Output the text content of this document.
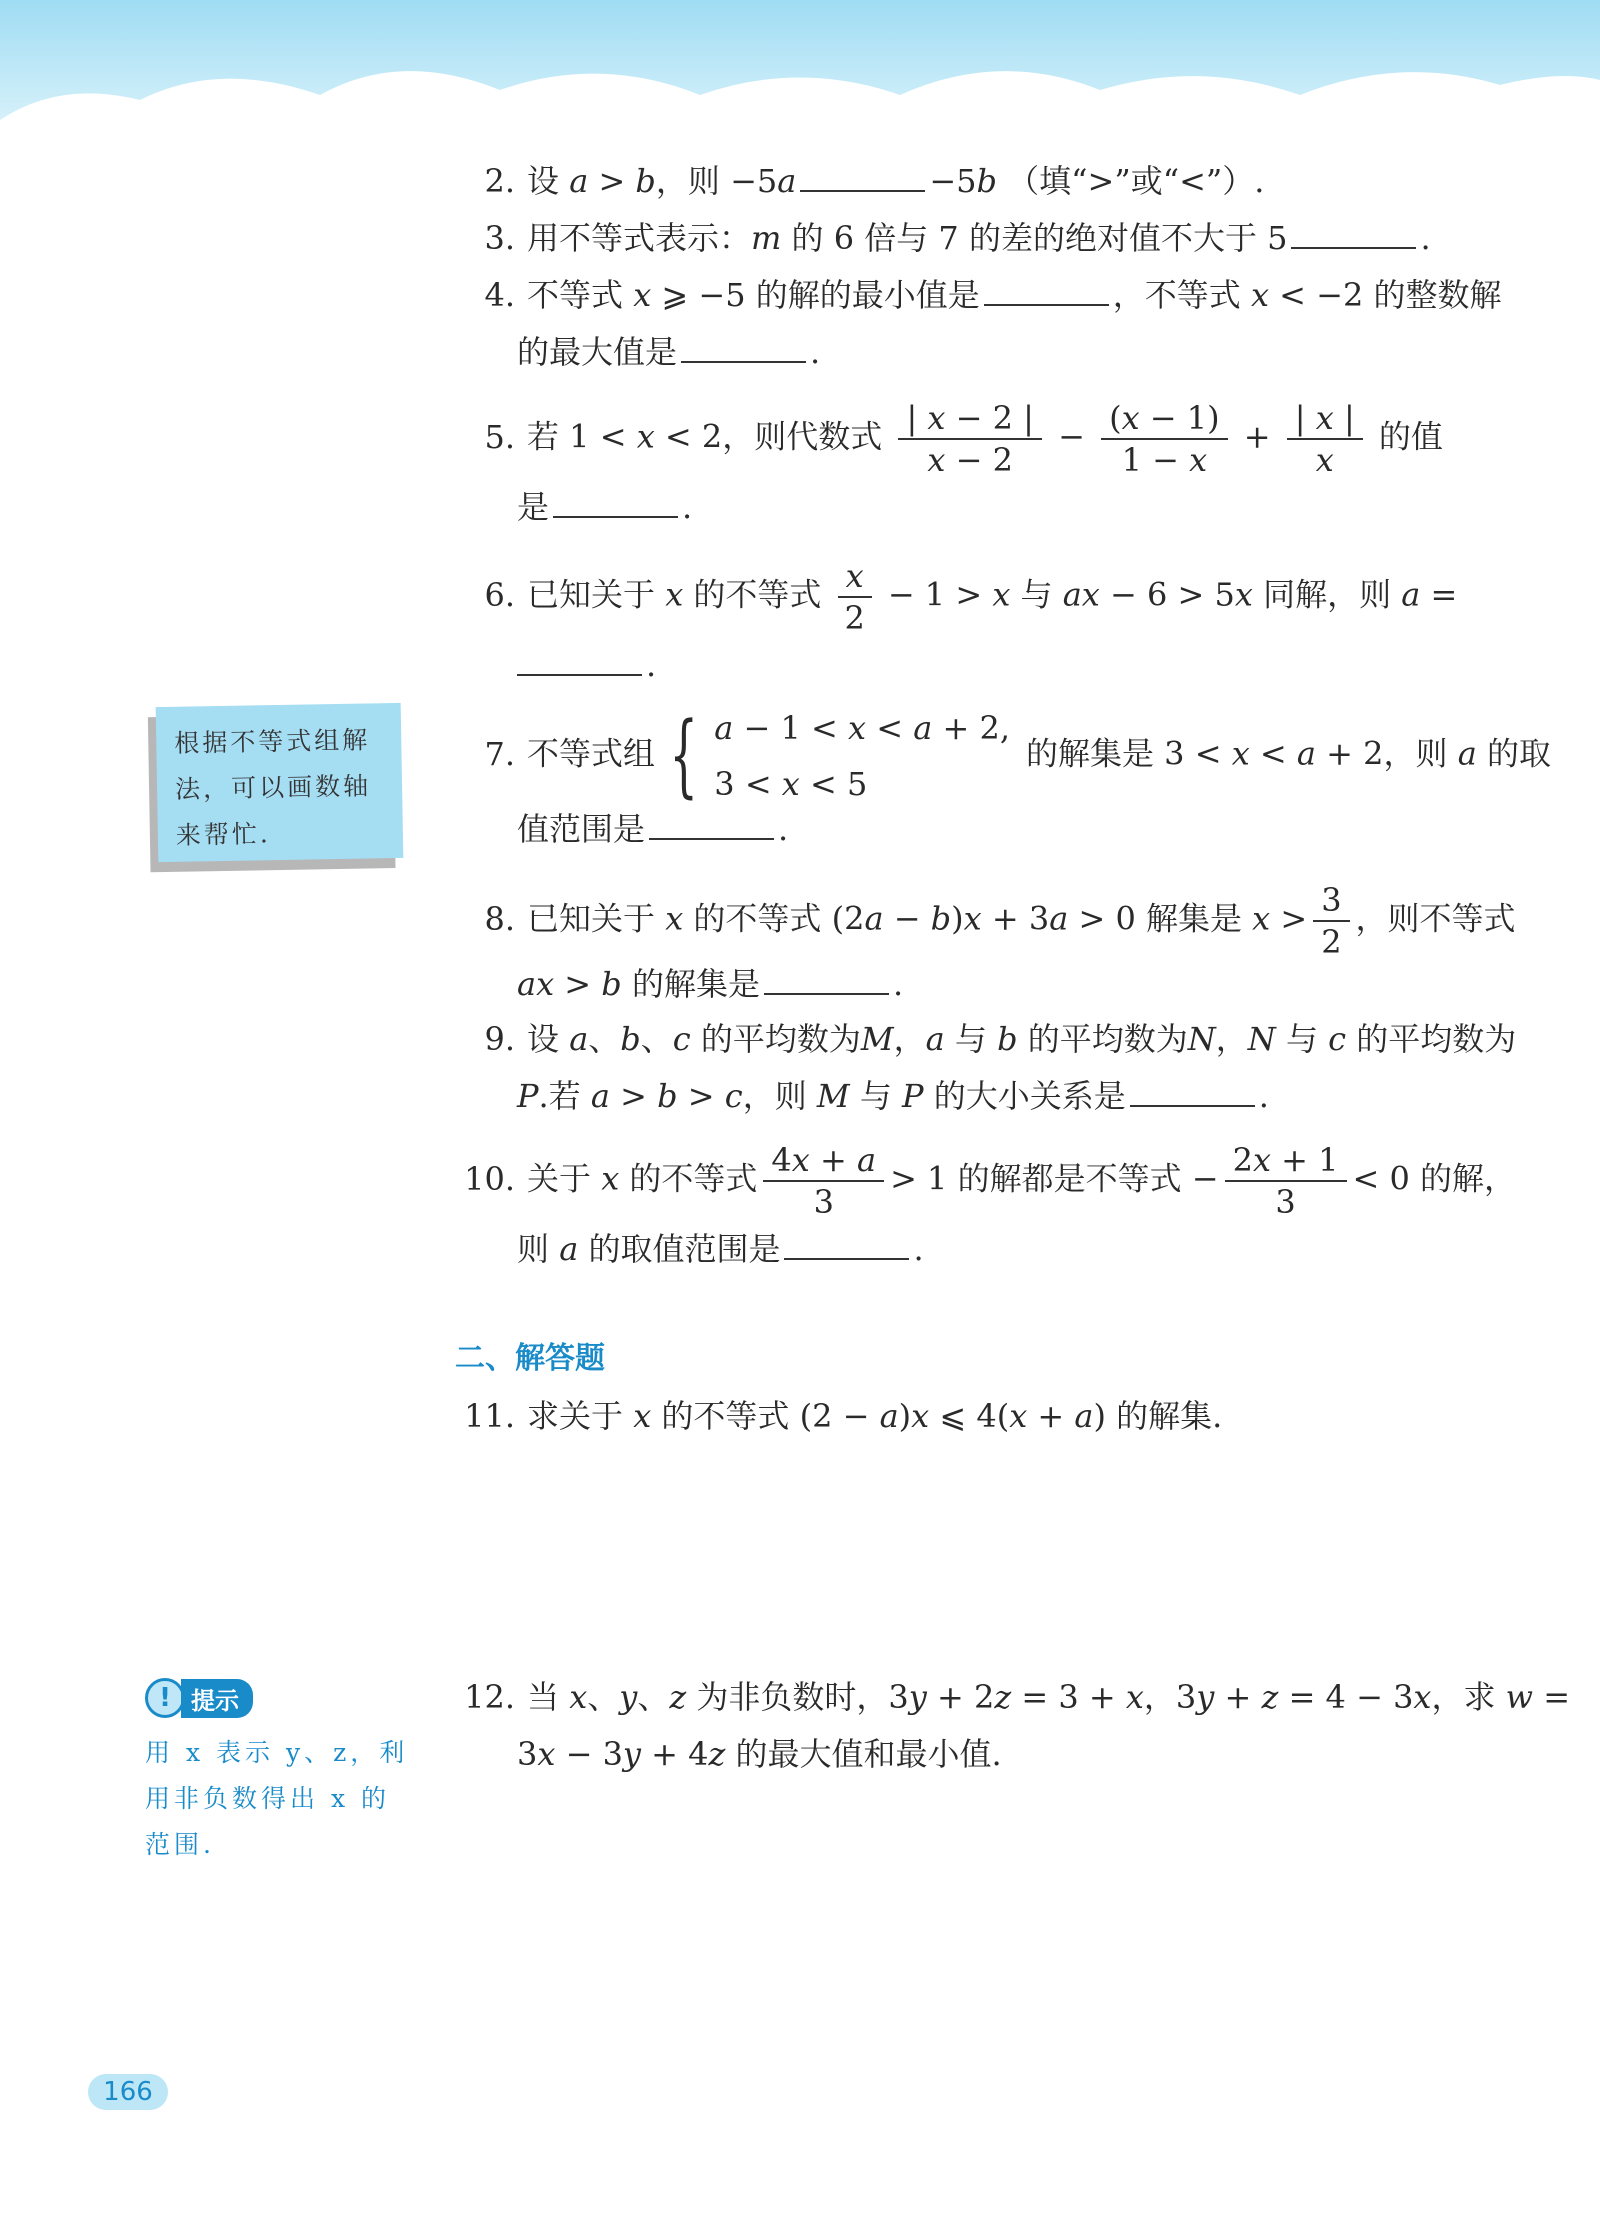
2. 设 a > b，则 −5a	−5b （填“>”或“<”）.
3. 用不等式表示：m 的 6 倍与 7 的差的绝对值不大于 5	.
4. 不等式 x ⩾ −5 的解的最小值是	，不等式 x < −2 的整数解
的最大值是	.
5. 若 1 < x < 2，则代数式 $\frac{| x - 2 |}{x - 2} - \frac{(x - 1)}{1 - x} + \frac{| x |}{x}$ 的值
是	.
6. 已知关于 x 的不等式 $\frac{x}{2} - 1 > x$ 与 ax − 6 > 5x 同解，则 a =
.
7. 不等式组 { a − 1 < x < a + 2,
3 < x < 5
的解集是 3 < x < a + 2，则 a 的取
值范围是	.
8. 已知关于 x 的不等式 (2a − b)x + 3a > 0 解集是 $x > \frac{3}{2}$ ，则不等式
ax > b 的解集是	.
9. 设 a、b、c 的平均数为M，a 与 b 的平均数为N，N 与 c 的平均数为
P.若 a > b > c，则 M 与 P 的大小关系是	.
10. 关于 x 的不等式 $\frac{4x + a}{3} > 1$ 的解都是不等式 − $\frac{2x + 1}{3} < 0$ 的解，
则 a 的取值范围是	.
二、解答题
11. 求关于 x 的不等式 (2 − a)x ⩽ 4(x + a) 的解集.
12. 当 x、y、z 为非负数时，3y + 2z = 3 + x，3y + z = 4 − 3x，求 w =
3x − 3y + 4z 的最大值和最小值.
根据不等式组解法，可以画数轴来帮忙.
! 提示
用 x 表示 y、z，利用非负数得出 x 的范围.
166
